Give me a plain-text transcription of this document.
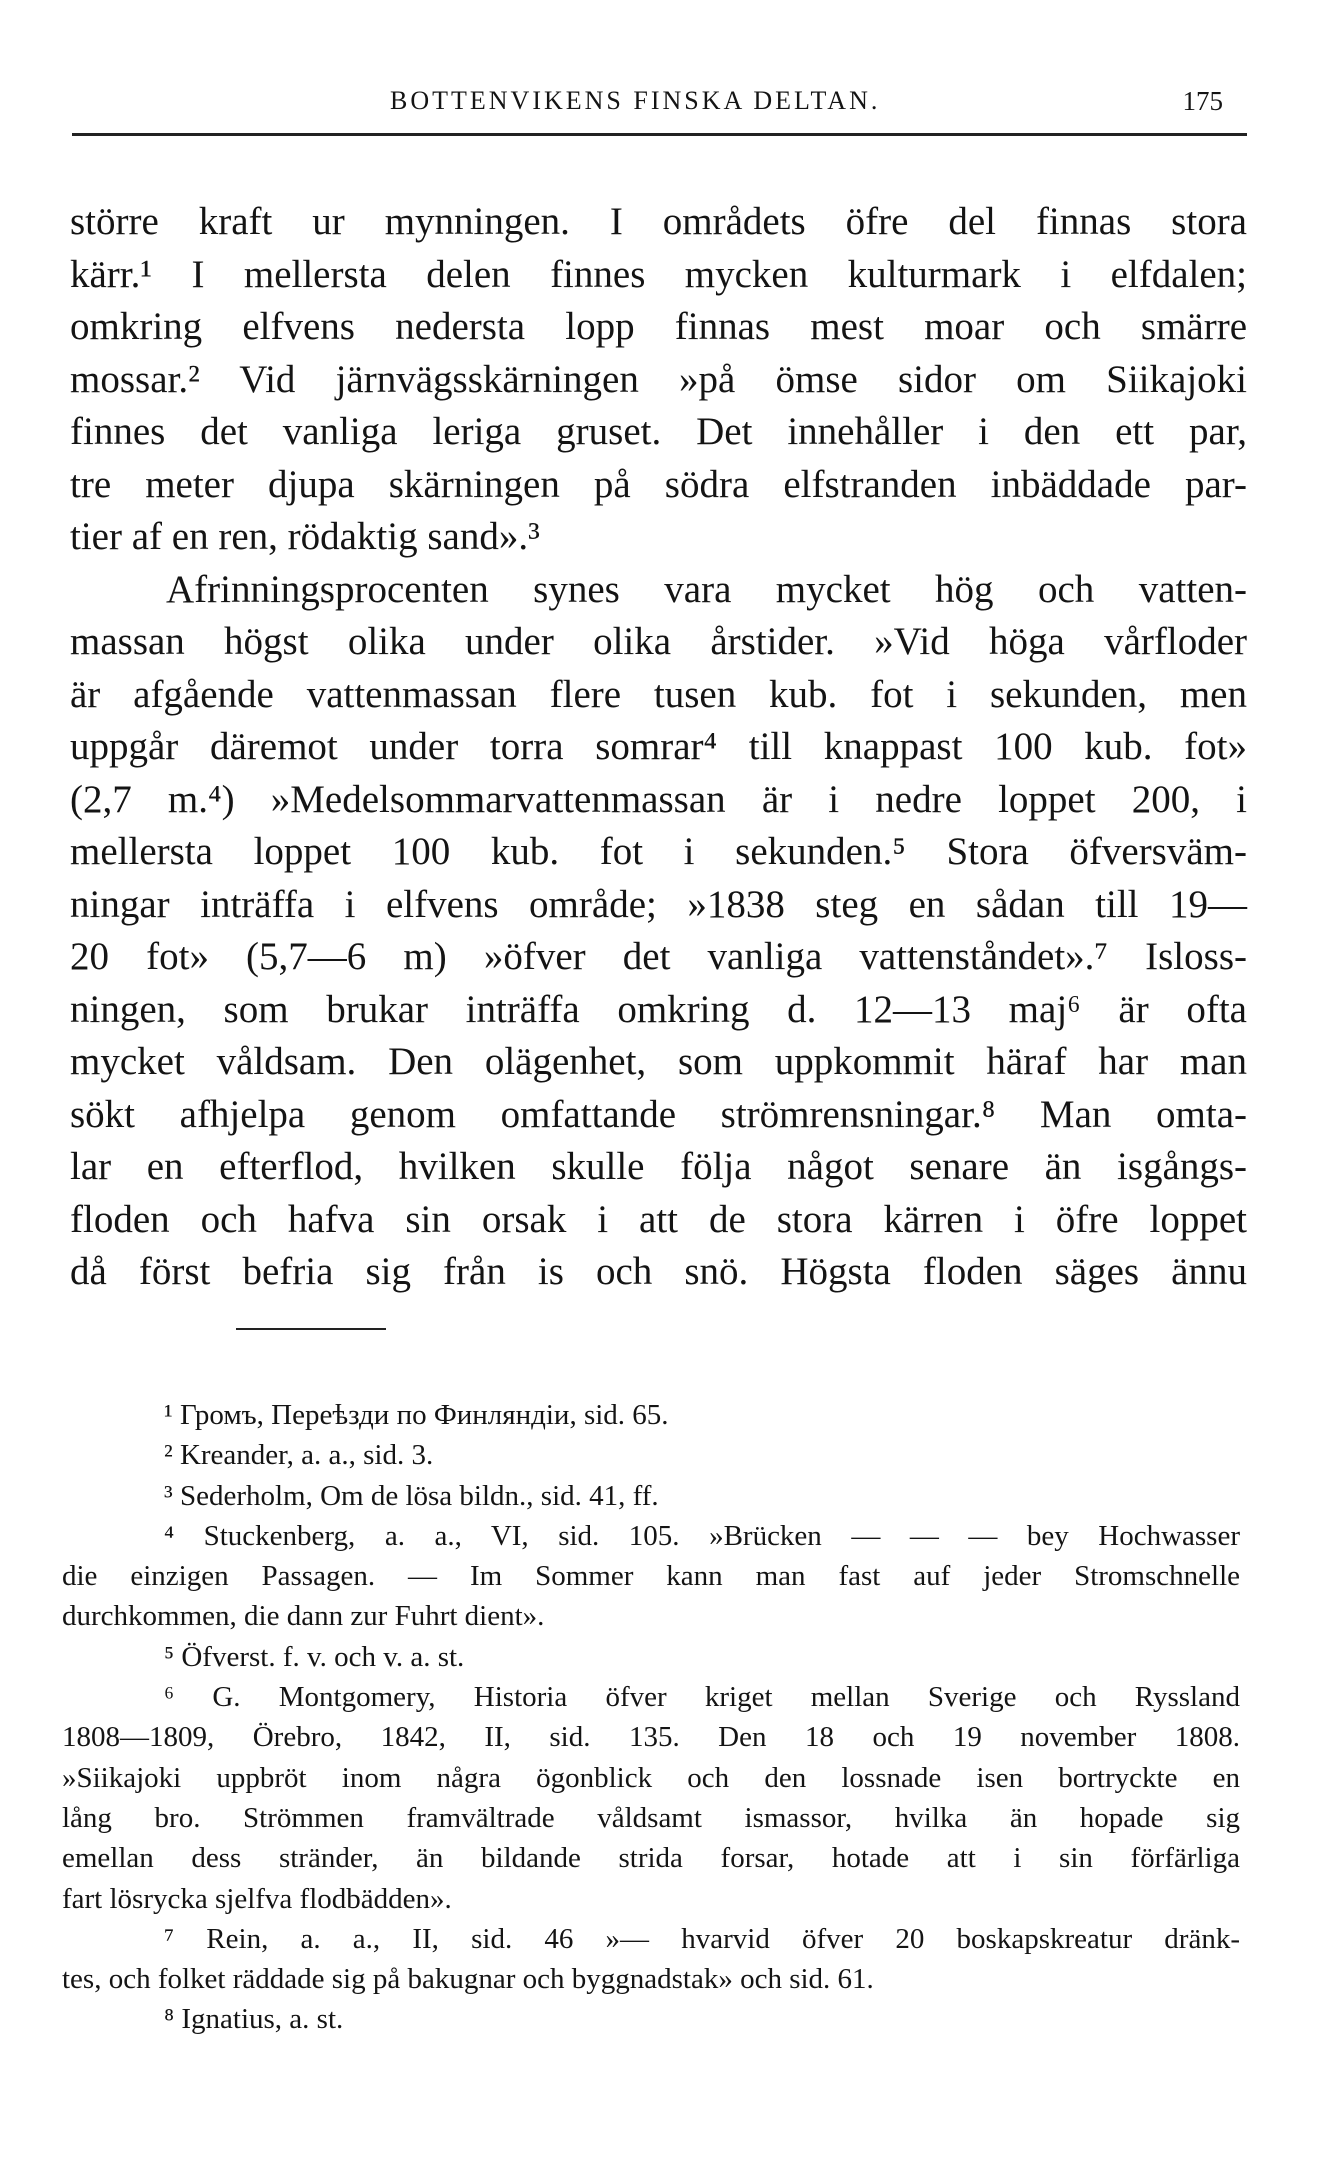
BOTTENVIKENS FINSKA DELTAN.	175
större kraft ur mynningen. I områdets öfre del finnas stora
kärr.¹ I mellersta delen finnes mycken kulturmark i elfdalen;
omkring elfvens nedersta lopp finnas mest moar och smärre
mossar.² Vid järnvägsskärningen »på ömse sidor om Siikajoki
finnes det vanliga leriga gruset. Det innehåller i den ett par,
tre meter djupa skärningen på södra elfstranden inbäddade par-
tier af en ren, rödaktig sand».³
Afrinningsprocenten synes vara mycket hög och vatten-
massan högst olika under olika årstider. »Vid höga vårfloder
är afgående vattenmassan flere tusen kub. fot i sekunden, men
uppgår däremot under torra somrar⁴ till knappast 100 kub. fot»
(2,7 m.⁴) »Medelsommarvattenmassan är i nedre loppet 200, i
mellersta loppet 100 kub. fot i sekunden.⁵ Stora öfversväm-
ningar inträffa i elfvens område; »1838 steg en sådan till 19—
20 fot» (5,7—6 m) »öfver det vanliga vattenståndet».⁷ Isloss-
ningen, som brukar inträffa omkring d. 12—13 maj⁶ är ofta
mycket våldsam. Den olägenhet, som uppkommit häraf har man
sökt afhjelpa genom omfattande strömrensningar.⁸ Man omta-
lar en efterflod, hvilken skulle följa något senare än isgångs-
floden och hafva sin orsak i att de stora kärren i öfre loppet
då först befria sig från is och snö. Högsta floden säges ännu
¹ Громъ, Переѣзди по Финляндіи, sid. 65.
² Kreander, a. a., sid. 3.
³ Sederholm, Om de lösa bildn., sid. 41, ff.
⁴ Stuckenberg, a. a., VI, sid. 105. »Brücken — — — bey Hochwasser
die einzigen Passagen. — Im Sommer kann man fast auf jeder Stromschnelle
durchkommen, die dann zur Fuhrt dient».
⁵ Öfverst. f. v. och v. a. st.
⁶ G. Montgomery, Historia öfver kriget mellan Sverige och Ryssland
1808—1809, Örebro, 1842, II, sid. 135. Den 18 och 19 november 1808.
»Siikajoki uppbröt inom några ögonblick och den lossnade isen bortryckte en
lång bro. Strömmen framvältrade våldsamt ismassor, hvilka än hopade sig
emellan dess stränder, än bildande strida forsar, hotade att i sin förfärliga
fart lösrycka sjelfva flodbädden».
⁷ Rein, a. a., II, sid. 46 »— hvarvid öfver 20 boskapskreatur dränk-
tes, och folket räddade sig på bakugnar och byggnadstak» och sid. 61.
⁸ Ignatius, a. st.
